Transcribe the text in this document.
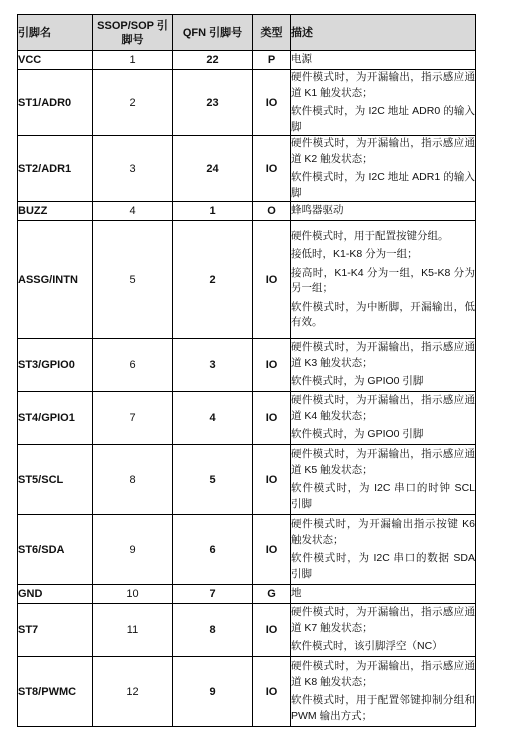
引脚名	SSOP/SOP 引脚号	QFN 引脚号	类型	描述
VCC	1	22	P	电源

ST1/ADR0	2	23	IO	硬件模式时，为开漏输出，指示感应通道 K1 触发状态；

软件模式时，为 I2C 地址 ADR0 的输入脚

ST2/ADR1	3	24	IO	硬件模式时，为开漏输出，指示感应通道 K2 触发状态；

软件模式时，为 I2C 地址 ADR1 的输入脚

BUZZ	4	1	O	蜂鸣器驱动

ASSG/INTN	5	2	IO	硬件模式时，用于配置按键分组。

接低时，K1-K8 分为一组；

接高时，K1-K4 分为一组，K5-K8 分为另一组；

软件模式时，为中断脚，开漏输出，低有效。

ST3/GPIO0	6	3	IO	硬件模式时，为开漏输出，指示感应通道 K3 触发状态；

软件模式时，为 GPIO0 引脚

ST4/GPIO1	7	4	IO	硬件模式时，为开漏输出，指示感应通道 K4 触发状态；

软件模式时，为 GPIO0 引脚

ST5/SCL	8	5	IO	硬件模式时，为开漏输出，指示感应通道 K5 触发状态；

软件模式时，为 I2C 串口的时钟 SCL 引脚

ST6/SDA	9	6	IO	硬件模式时，为开漏输出指示按键 K6 触发状态；

软件模式时，为 I2C 串口的数据 SDA 引脚

GND	10	7	G	地

ST7	11	8	IO	硬件模式时，为开漏输出，指示感应通道 K7 触发状态；

软件模式时，该引脚浮空（NC）

ST8/PWMC	12	9	IO	硬件模式时，为开漏输出，指示感应通道 K8 触发状态；

软件模式时，用于配置邻键抑制分组和 PWM 输出方式；
